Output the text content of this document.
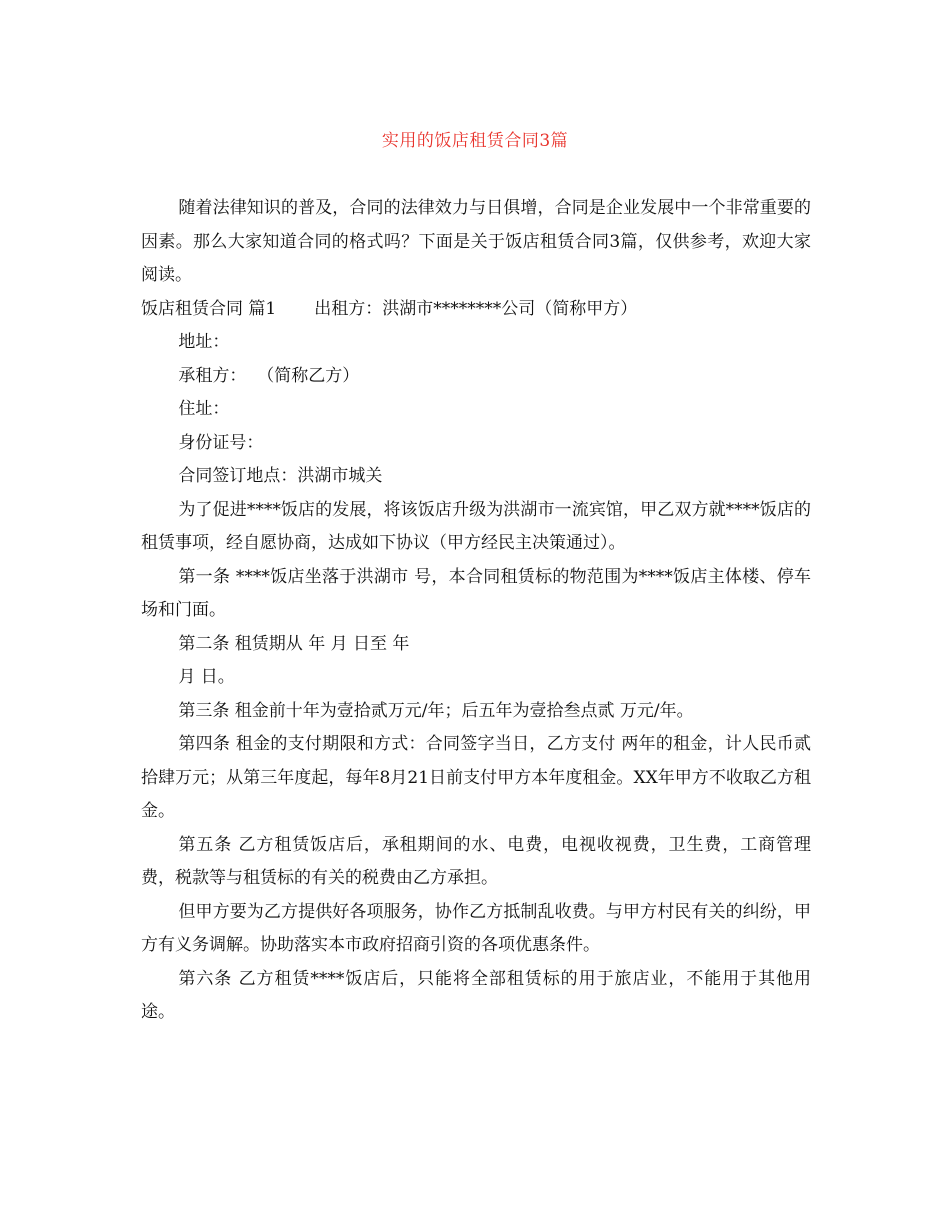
实用的饭店租赁合同3篇

随着法律知识的普及，合同的法律效力与日俱增，合同是企业发展中一个非常重要的因素。那么大家知道合同的格式吗？下面是关于饭店租赁合同3篇，仅供参考，欢迎大家阅读。

饭店租赁合同 篇1 出租方：洪湖市********公司（简称甲方）

地址：

承租方：  （简称乙方）

住址：

身份证号：

合同签订地点：洪湖市城关

为了促进****饭店的发展，将该饭店升级为洪湖市一流宾馆，甲乙双方就****饭店的租赁事项，经自愿协商，达成如下协议（甲方经民主决策通过）。

第一条 ****饭店坐落于洪湖市 号，本合同租赁标的物范围为****饭店主体楼、停车场和门面。

第二条 租赁期从 年 月 日至 年

月 日。

第三条 租金前十年为壹拾贰万元/年；后五年为壹拾叁点贰 万元/年。

第四条 租金的支付期限和方式：合同签字当日，乙方支付 两年的租金，计人民币贰拾肆万元；从第三年度起，每年8月21日前支付甲方本年度租金。XX年甲方不收取乙方租金。

第五条 乙方租赁饭店后，承租期间的水、电费，电视收视费，卫生费，工商管理费，税款等与租赁标的有关的税费由乙方承担。

但甲方要为乙方提供好各项服务，协作乙方抵制乱收费。与甲方村民有关的纠纷，甲方有义务调解。协助落实本市政府招商引资的各项优惠条件。

第六条 乙方租赁****饭店后，只能将全部租赁标的用于旅店业，不能用于其他用途。
